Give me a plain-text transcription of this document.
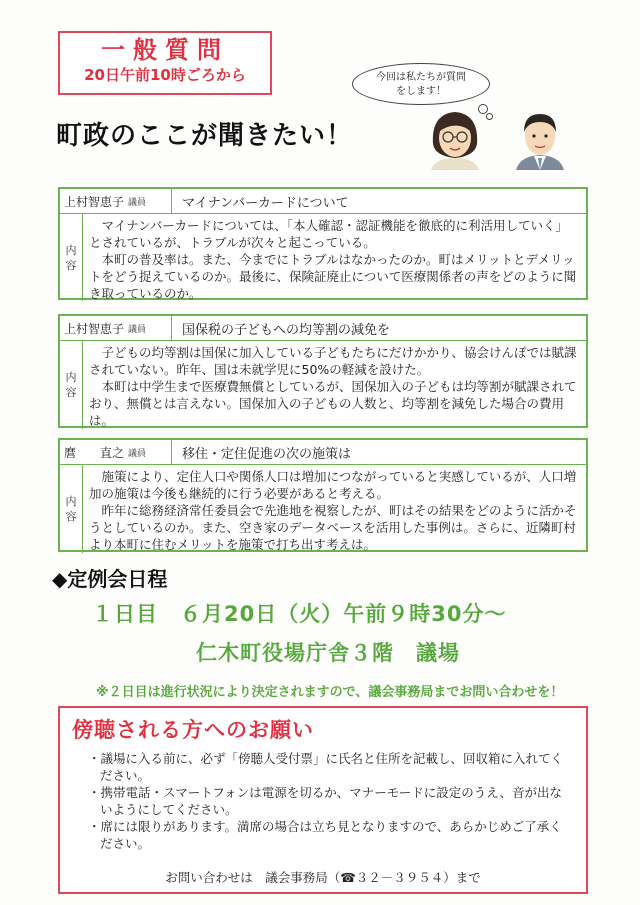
一般質問
20日午前10時ごろから
町政のここが聞きたい！
今回は私たちが質問
をします！
上村智恵子 議員	マイナンバーカードについて
内
容

マイナンバーカードについては、「本人確認・認証機能を徹底的に利活用していく」とされているが、トラブルが次々と起こっている。

本町の普及率は。また、今までにトラブルはなかったのか。町はメリットとデメリットをどう捉えているのか。最後に、保険証廃止について医療関係者の声をどのように聞き取っているのか。

上村智恵子 議員	国保税の子どもへの均等割の減免を
内
容

子どもの均等割は国保に加入している子どもたちにだけかかり、協会けんぽでは賦課されていない。昨年、国は未就学児に50%の軽減を設けた。

本町は中学生まで医療費無償としているが、国保加入の子どもは均等割が賦課されており、無償とは言えない。国保加入の子どもの人数と、均等割を減免した場合の費用は。

麿　　直之 議員	移住・定住促進の次の施策は
内
容

施策により、定住人口や関係人口は増加につながっていると実感しているが、人口増加の施策は今後も継続的に行う必要があると考える。

昨年に総務経済常任委員会で先進地を視察したが、町はその結果をどのように活かそうとしているのか。また、空き家のデータベースを活用した事例は。さらに、近隣町村より本町に住むメリットを施策で打ち出す考えは。

◆定例会日程
１日目　６月20日（火）午前９時30分～
仁木町役場庁舎３階　議場
※２日目は進行状況により決定されますので、議会事務局までお問い合わせを！
傍聴される方へのお願い
・議場に入る前に、必ず「傍聴人受付票」に氏名と住所を記載し、回収箱に入れてください。
・携帯電話・スマートフォンは電源を切るか、マナーモードに設定のうえ、音が出ないようにしてください。
・席には限りがあります。満席の場合は立ち見となりますので、あらかじめご了承ください。
お問い合わせは　議会事務局（☎３２－３９５４）まで
